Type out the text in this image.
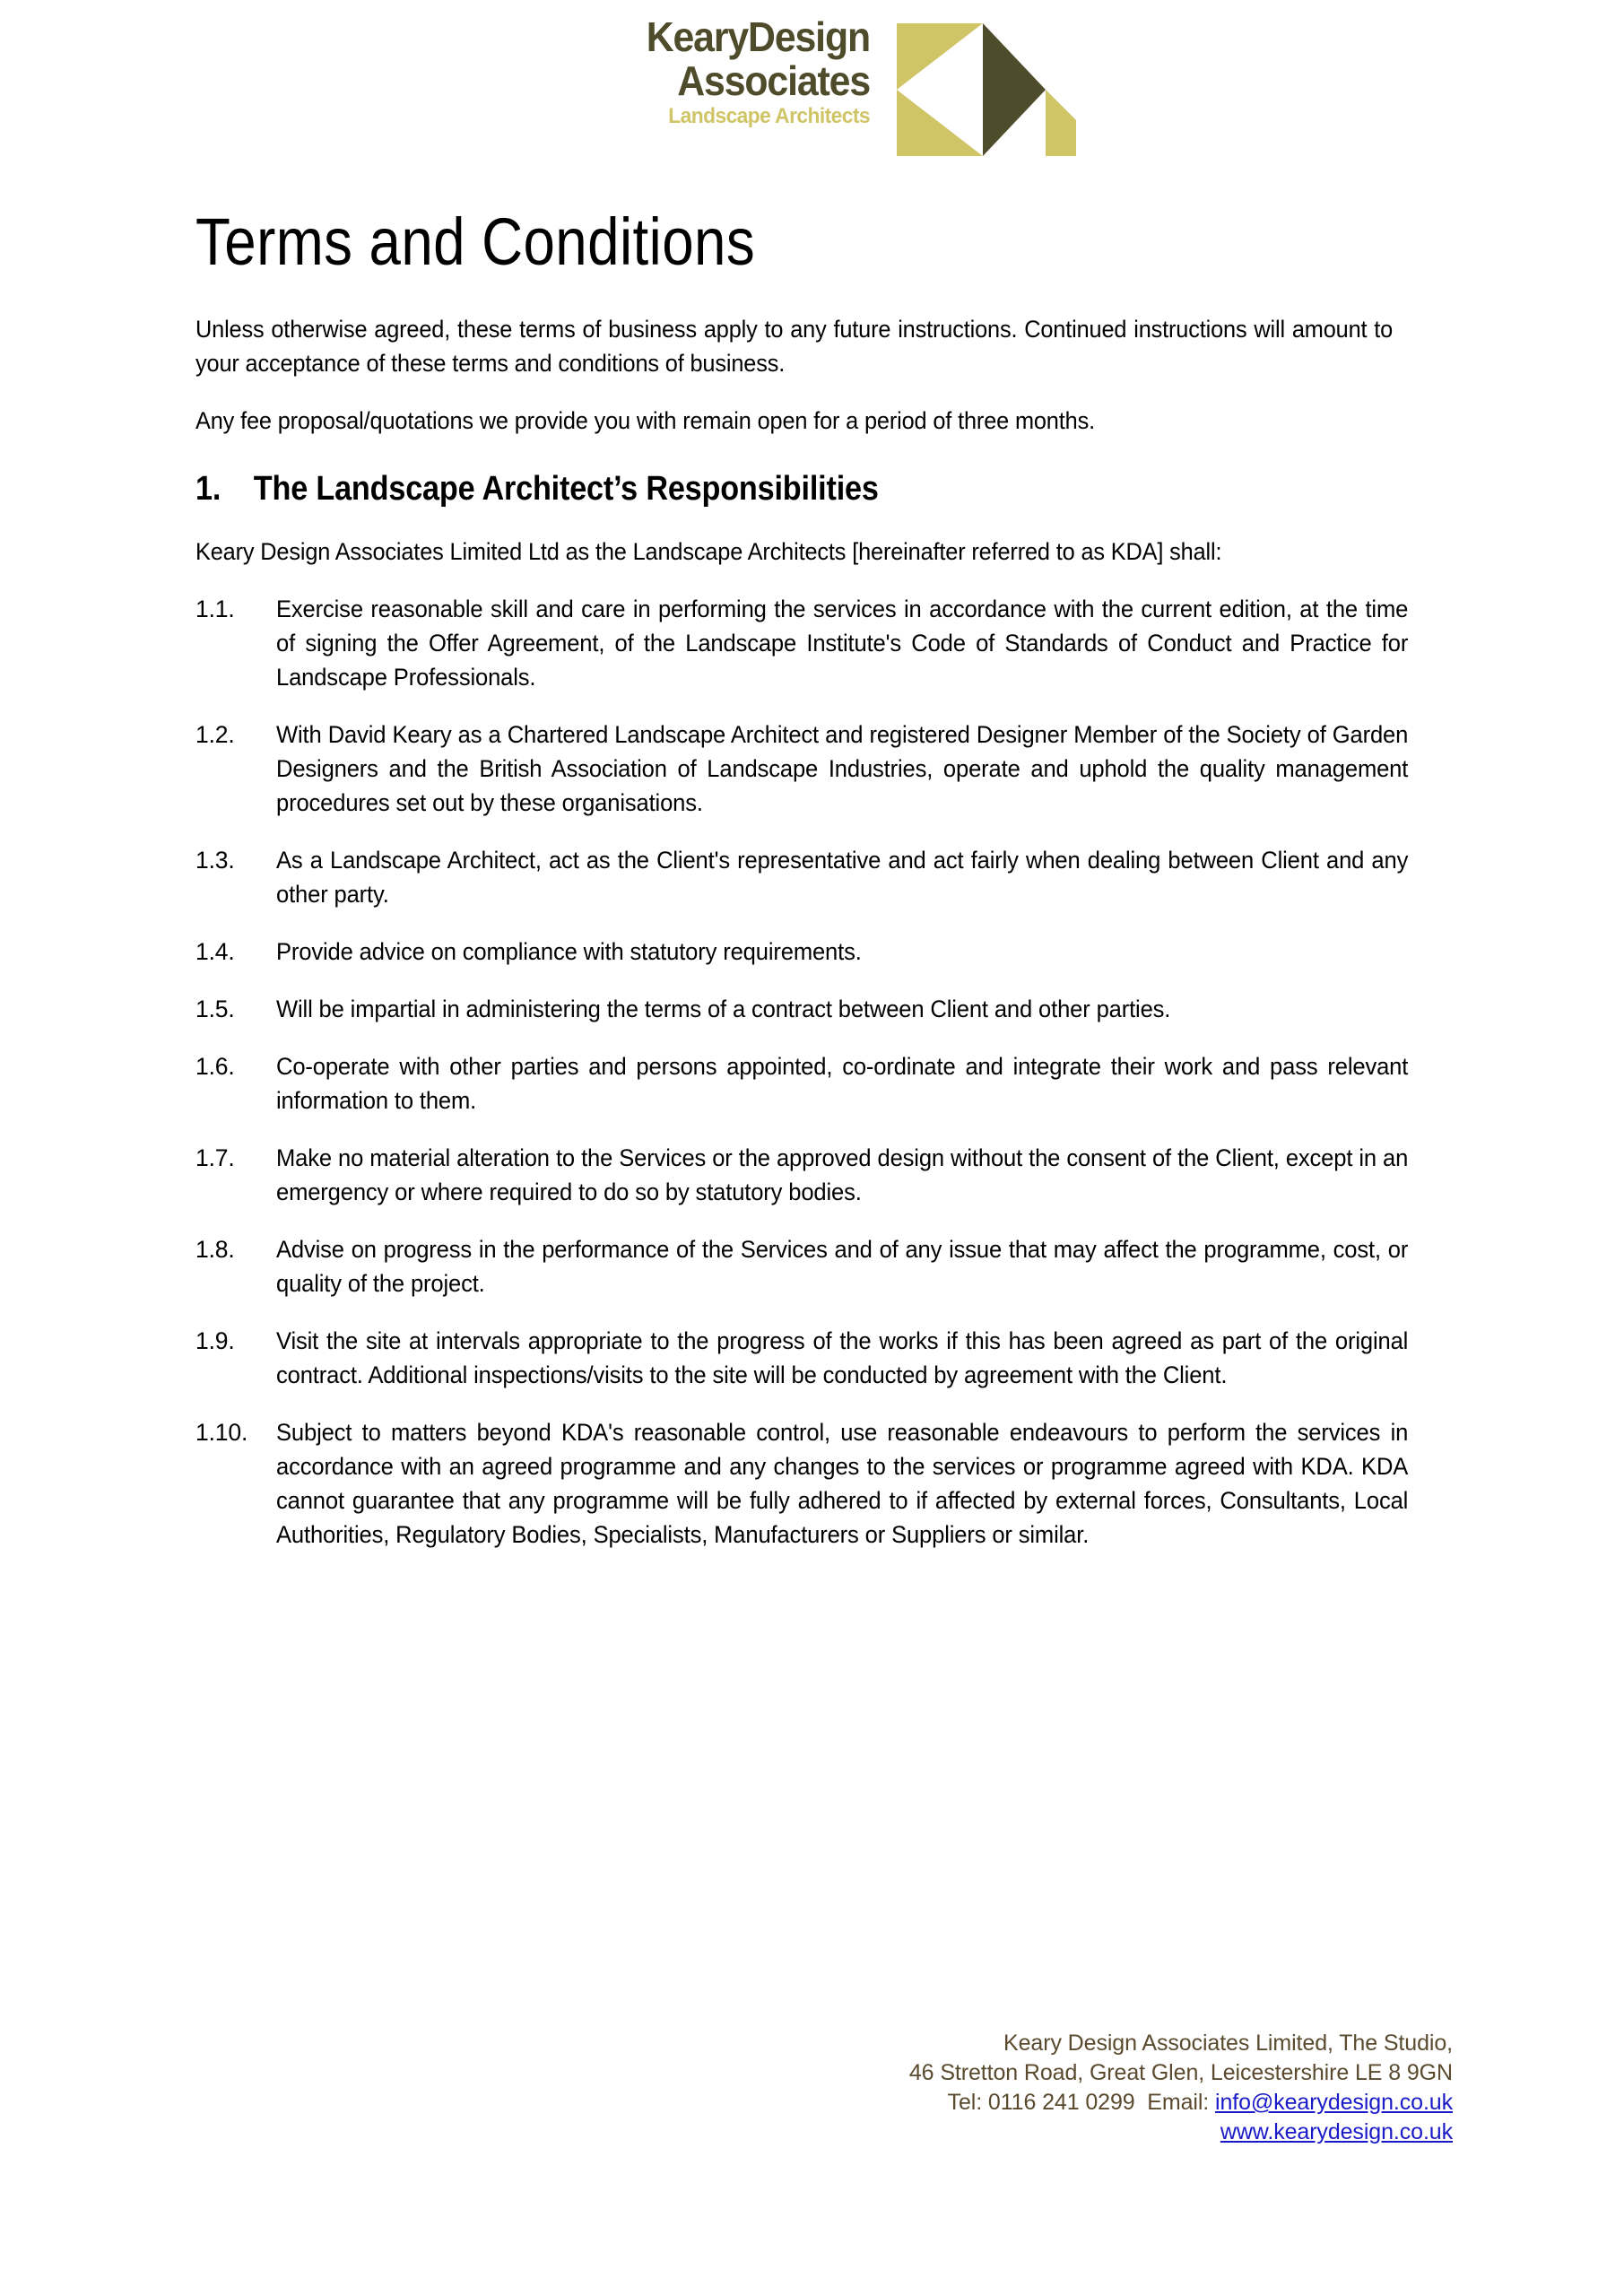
KearyDesign
Associates
Landscape Architects
Terms and Conditions

Unless otherwise agreed, these terms of business apply to any future instructions. Continued instructions will amount to your acceptance of these terms and conditions of business.

Any fee proposal/quotations we provide you with remain open for a period of three months.

1. The Landscape Architect’s Responsibilities

Keary Design Associates Limited Ltd as the Landscape Architects [hereinafter referred to as KDA] shall:

1.1.	Exercise reasonable skill and care in performing the services in accordance with the current edition, at the time of signing the Offer Agreement, of the Landscape Institute's Code of Standards of Conduct and Practice for Landscape Professionals.
1.2.	With David Keary as a Chartered Landscape Architect and registered Designer Member of the Society of Garden Designers and the British Association of Landscape Industries, operate and uphold the quality management procedures set out by these organisations.
1.3.	As a Landscape Architect, act as the Client's representative and act fairly when dealing between Client and any other party.
1.4.	Provide advice on compliance with statutory requirements.
1.5.	Will be impartial in administering the terms of a contract between Client and other parties.
1.6.	Co-operate with other parties and persons appointed, co-ordinate and integrate their work and pass relevant information to them.
1.7.	Make no material alteration to the Services or the approved design without the consent of the Client, except in an emergency or where required to do so by statutory bodies.
1.8.	Advise on progress in the performance of the Services and of any issue that may affect the programme, cost, or quality of the project.
1.9.	Visit the site at intervals appropriate to the progress of the works if this has been agreed as part of the original contract. Additional inspections/visits to the site will be conducted by agreement with the Client.
1.10.	Subject to matters beyond KDA's reasonable control, use reasonable endeavours to perform the services in accordance with an agreed programme and any changes to the services or programme agreed with KDA. KDA cannot guarantee that any programme will be fully adhered to if affected by external forces, Consultants, Local Authorities, Regulatory Bodies, Specialists, Manufacturers or Suppliers or similar.
Keary Design Associates Limited, The Studio,
46 Stretton Road, Great Glen, Leicestershire LE 8 9GN
Tel: 0116 241 0299 Email: info@kearydesign.co.uk
www.kearydesign.co.uk
